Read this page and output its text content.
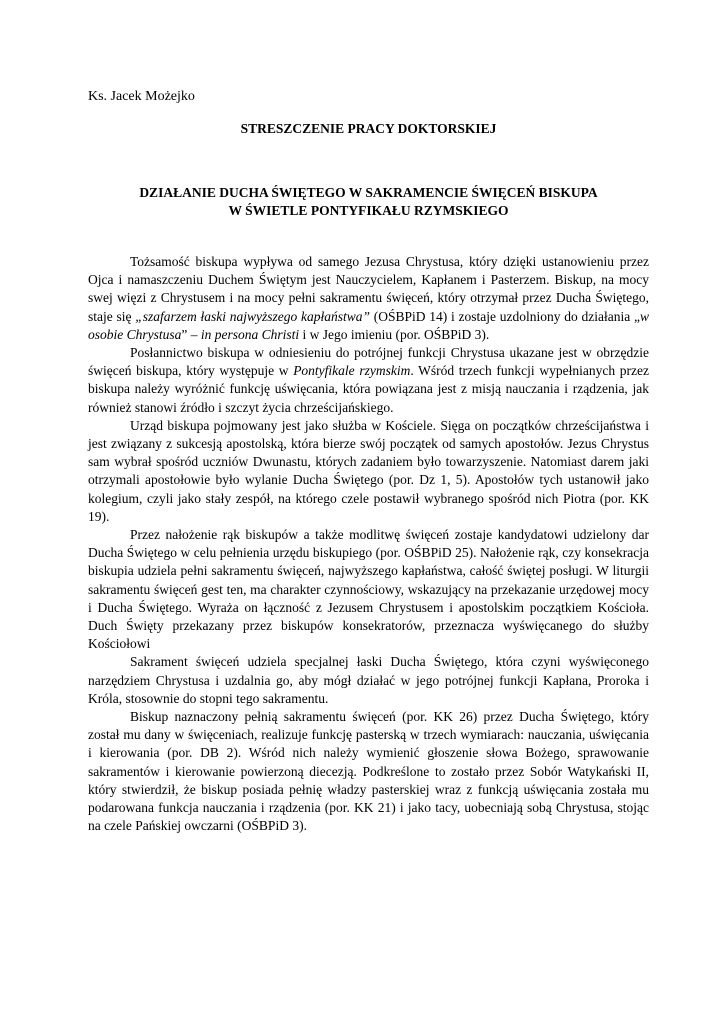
Ks. Jacek Możejko

STRESZCZENIE PRACY DOKTORSKIEJ

DZIAŁANIE DUCHA ŚWIĘTEGO W SAKRAMENCIE ŚWIĘCEŃ BISKUPA
W ŚWIETLE PONTYFIKAŁU RZYMSKIEGO

Tożsamość biskupa wypływa od samego Jezusa Chrystusa, który dzięki ustanowieniu przez Ojca i namaszczeniu Duchem Świętym jest Nauczycielem, Kapłanem i Pasterzem. Biskup, na mocy swej więzi z Chrystusem i na mocy pełni sakramentu święceń, który otrzymał przez Ducha Świętego, staje się „szafarzem łaski najwyższego kapłaństwa” (OŚBPiD 14) i zostaje uzdolniony do działania „w osobie Chrystusa” – in persona Christi i w Jego imieniu (por. OŚBPiD 3).

Posłannictwo biskupa w odniesieniu do potrójnej funkcji Chrystusa ukazane jest w obrzędzie święceń biskupa, który występuje w Pontyfikale rzymskim. Wśród trzech funkcji wypełnianych przez biskupa należy wyróżnić funkcję uświęcania, która powiązana jest z misją nauczania i rządzenia, jak również stanowi źródło i szczyt życia chrześcijańskiego.

Urząd biskupa pojmowany jest jako służba w Kościele. Sięga on początków chrześcijaństwa i jest związany z sukcesją apostolską, która bierze swój początek od samych apostołów. Jezus Chrystus sam wybrał spośród uczniów Dwunastu, których zadaniem było towarzyszenie. Natomiast darem jaki otrzymali apostołowie było wylanie Ducha Świętego (por. Dz 1, 5). Apostołów tych ustanowił jako kolegium, czyli jako stały zespół, na którego czele postawił wybranego spośród nich Piotra (por. KK 19).

Przez nałożenie rąk biskupów a także modlitwę święceń zostaje kandydatowi udzielony dar Ducha Świętego w celu pełnienia urzędu biskupiego (por. OŚBPiD 25). Nałożenie rąk, czy konsekracja biskupia udziela pełni sakramentu święceń, najwyższego kapłaństwa, całość świętej posługi. W liturgii sakramentu święceń gest ten, ma charakter czynnościowy, wskazujący na przekazanie urzędowej mocy i Ducha Świętego. Wyraża on łączność z Jezusem Chrystusem i apostolskim początkiem Kościoła. Duch Święty przekazany przez biskupów konsekratorów, przeznacza wyświęcanego do służby Kościołowi

Sakrament święceń udziela specjalnej łaski Ducha Świętego, która czyni wyświęconego narzędziem Chrystusa i uzdalnia go, aby mógł działać w jego potrójnej funkcji Kapłana, Proroka i Króla, stosownie do stopni tego sakramentu.

Biskup naznaczony pełnią sakramentu święceń (por. KK 26) przez Ducha Świętego, który został mu dany w święceniach, realizuje funkcję pasterską w trzech wymiarach: nauczania, uświęcania i kierowania (por. DB 2). Wśród nich należy wymienić głoszenie słowa Bożego, sprawowanie sakramentów i kierowanie powierzoną diecezją. Podkreślone to zostało przez Sobór Watykański II, który stwierdził, że biskup posiada pełnię władzy pasterskiej wraz z funkcją uświęcania została mu podarowana funkcja nauczania i rządzenia (por. KK 21) i jako tacy, uobecniają sobą Chrystusa, stojąc na czele Pańskiej owczarni (OŚBPiD 3).
